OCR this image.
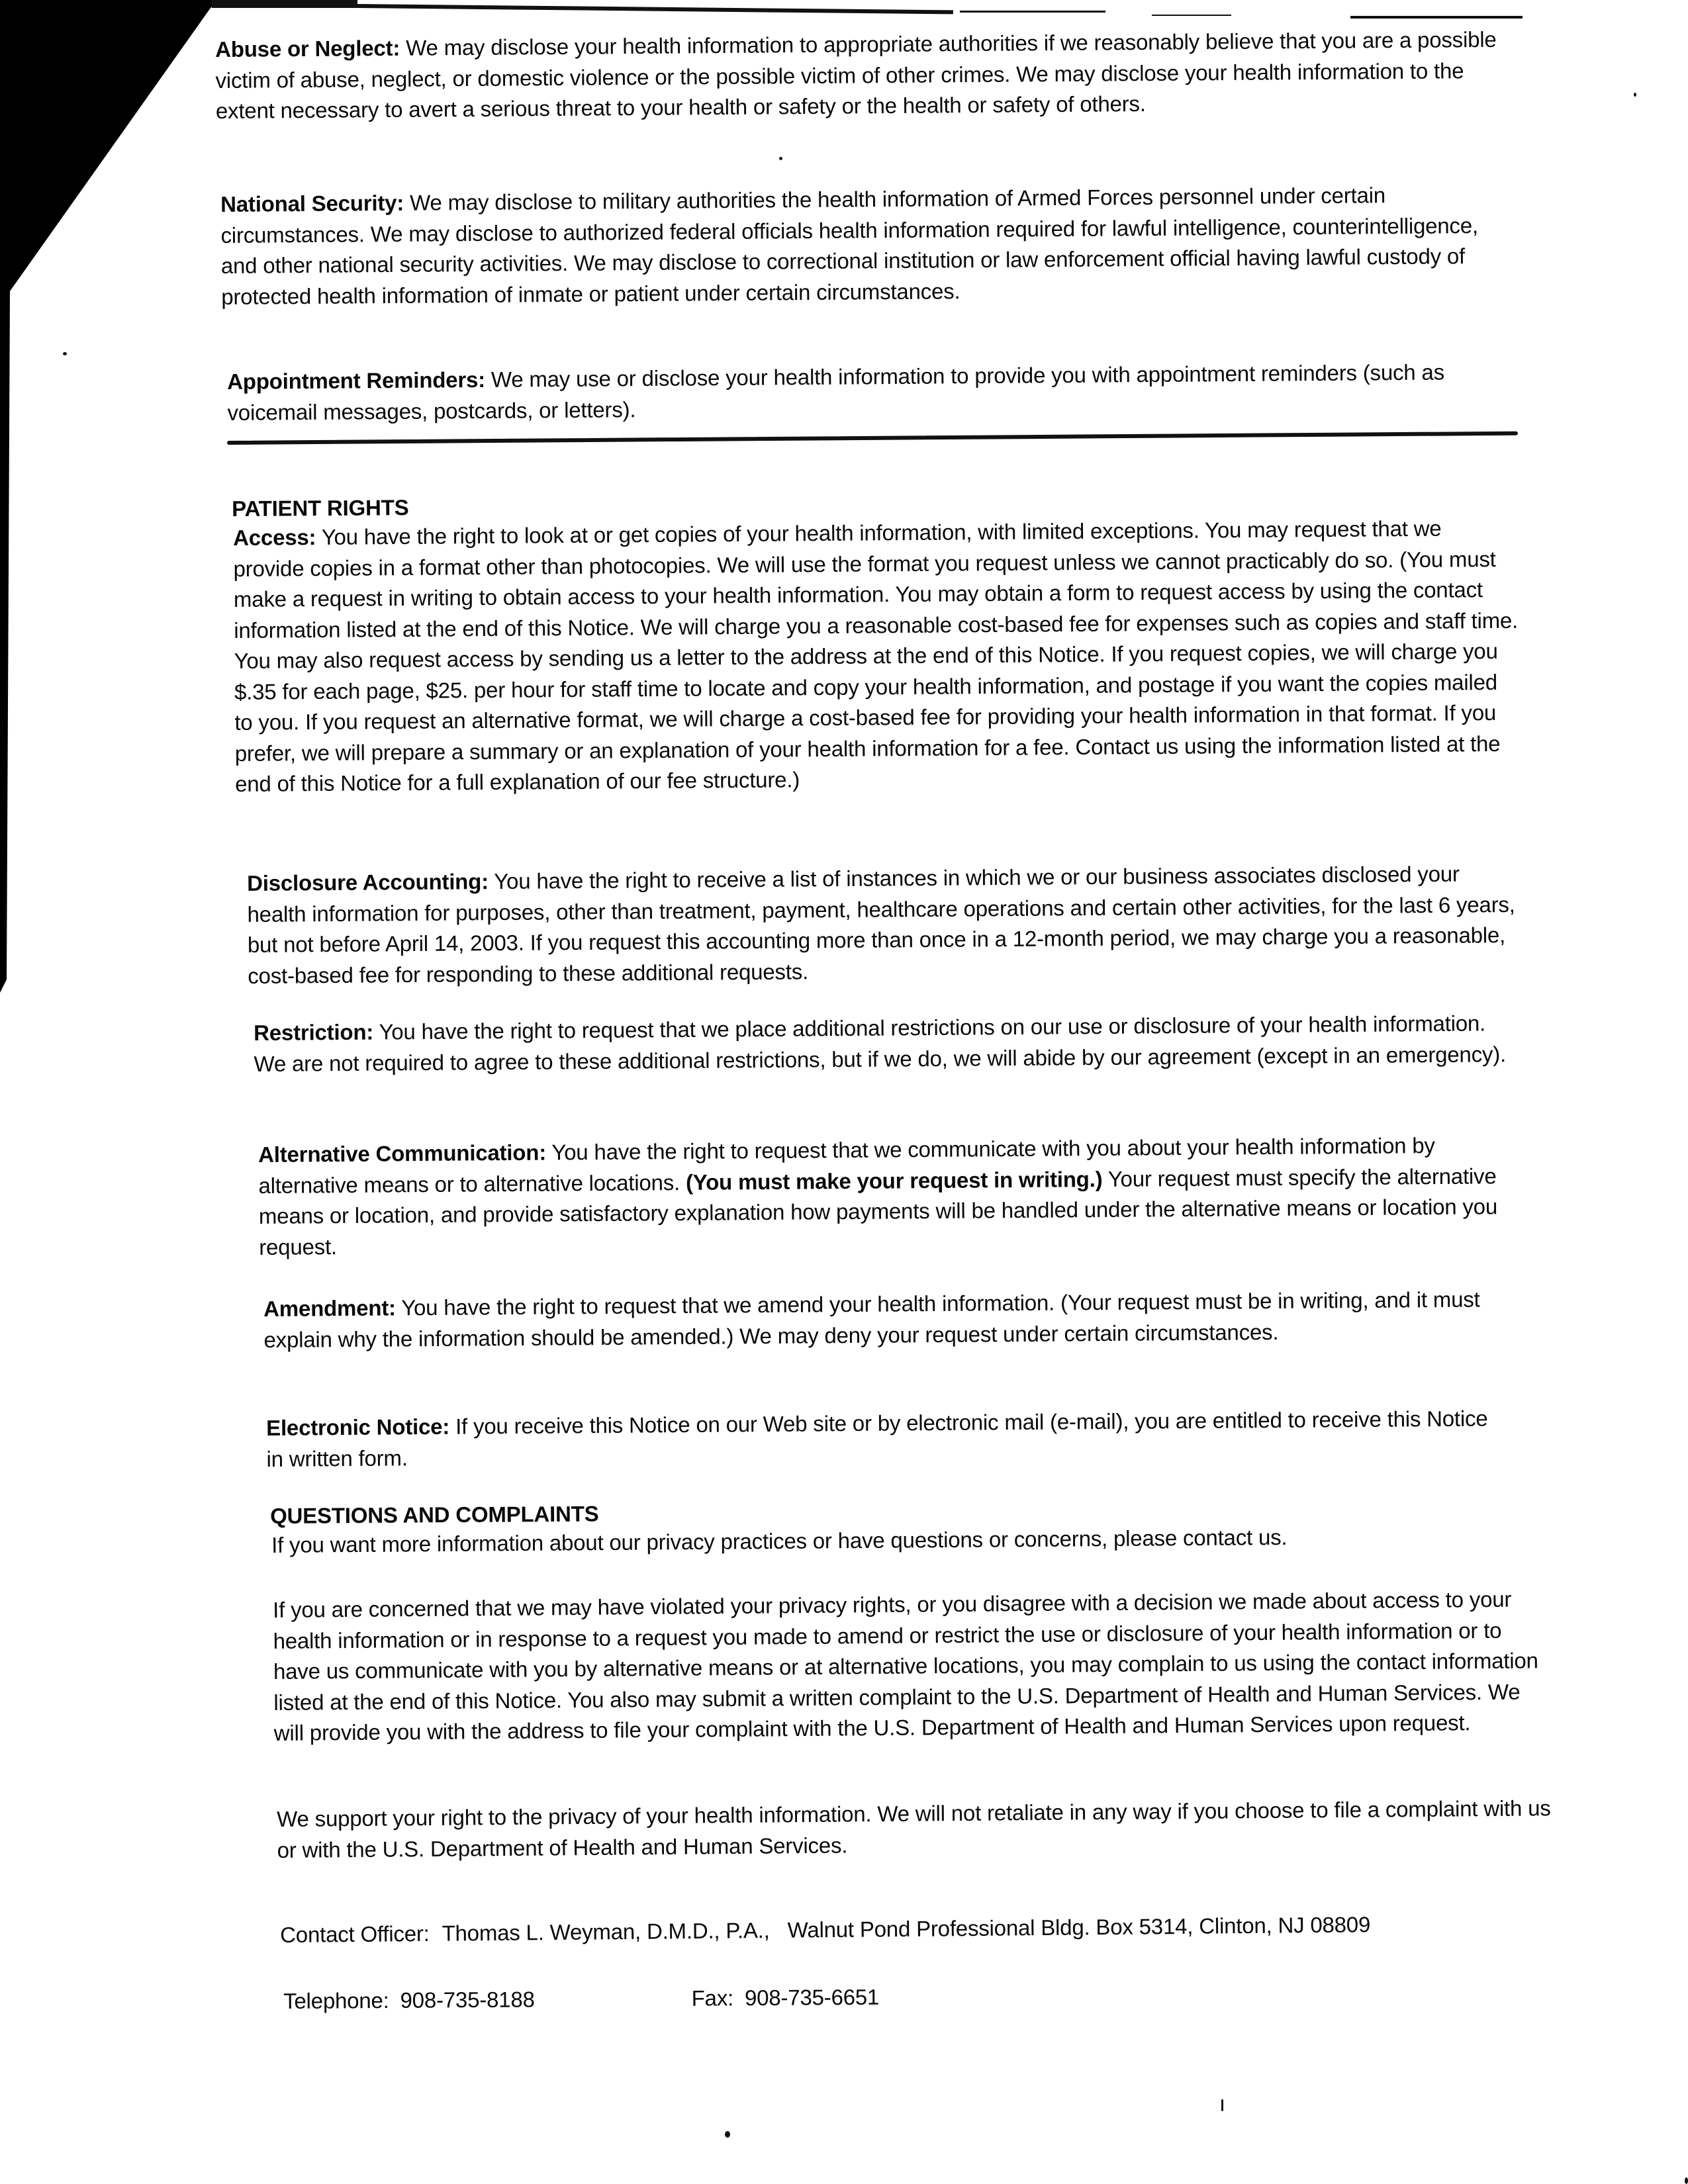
Abuse or Neglect: We may disclose your health information to appropriate authorities if we reasonably believe that you are a possible victim of abuse, neglect, or domestic violence or the possible victim of other crimes. We may disclose your health information to the extent necessary to avert a serious threat to your health or safety or the health or safety of others.
National Security: We may disclose to military authorities the health information of Armed Forces personnel under certain circumstances. We may disclose to authorized federal officials health information required for lawful intelligence, counterintelligence, and other national security activities. We may disclose to correctional institution or law enforcement official having lawful custody of protected health information of inmate or patient under certain circumstances.
Appointment Reminders: We may use or disclose your health information to provide you with appointment reminders (such as voicemail messages, postcards, or letters).
PATIENT RIGHTS
Access: You have the right to look at or get copies of your health information, with limited exceptions. You may request that we provide copies in a format other than photocopies. We will use the format you request unless we cannot practicably do so. (You must make a request in writing to obtain access to your health information. You may obtain a form to request access by using the contact information listed at the end of this Notice. We will charge you a reasonable cost-based fee for expenses such as copies and staff time. You may also request access by sending us a letter to the address at the end of this Notice. If you request copies, we will charge you $.35 for each page, $25. per hour for staff time to locate and copy your health information, and postage if you want the copies mailed to you. If you request an alternative format, we will charge a cost-based fee for providing your health information in that format. If you prefer, we will prepare a summary or an explanation of your health information for a fee. Contact us using the information listed at the end of this Notice for a full explanation of our fee structure.)
Disclosure Accounting: You have the right to receive a list of instances in which we or our business associates disclosed your health information for purposes, other than treatment, payment, healthcare operations and certain other activities, for the last 6 years, but not before April 14, 2003. If you request this accounting more than once in a 12-month period, we may charge you a reasonable, cost-based fee for responding to these additional requests.
Restriction: You have the right to request that we place additional restrictions on our use or disclosure of your health information. We are not required to agree to these additional restrictions, but if we do, we will abide by our agreement (except in an emergency).
Alternative Communication: You have the right to request that we communicate with you about your health information by alternative means or to alternative locations. (You must make your request in writing.) Your request must specify the alternative means or location, and provide satisfactory explanation how payments will be handled under the alternative means or location you request.
Amendment: You have the right to request that we amend your health information. (Your request must be in writing, and it must explain why the information should be amended.) We may deny your request under certain circumstances.
Electronic Notice: If you receive this Notice on our Web site or by electronic mail (e-mail), you are entitled to receive this Notice in written form.
QUESTIONS AND COMPLAINTS
If you want more information about our privacy practices or have questions or concerns, please contact us.
If you are concerned that we may have violated your privacy rights, or you disagree with a decision we made about access to your health information or in response to a request you made to amend or restrict the use or disclosure of your health information or to have us communicate with you by alternative means or at alternative locations, you may complain to us using the contact information listed at the end of this Notice. You also may submit a written complaint to the U.S. Department of Health and Human Services. We will provide you with the address to file your complaint with the U.S. Department of Health and Human Services upon request.
We support your right to the privacy of your health information. We will not retaliate in any way if you choose to file a complaint with us or with the U.S. Department of Health and Human Services.
Contact Officer: Thomas L. Weyman, D.M.D., P.A., Walnut Pond Professional Bldg. Box 5314, Clinton, NJ 08809
Telephone: 908-735-8188	Fax: 908-735-6651
